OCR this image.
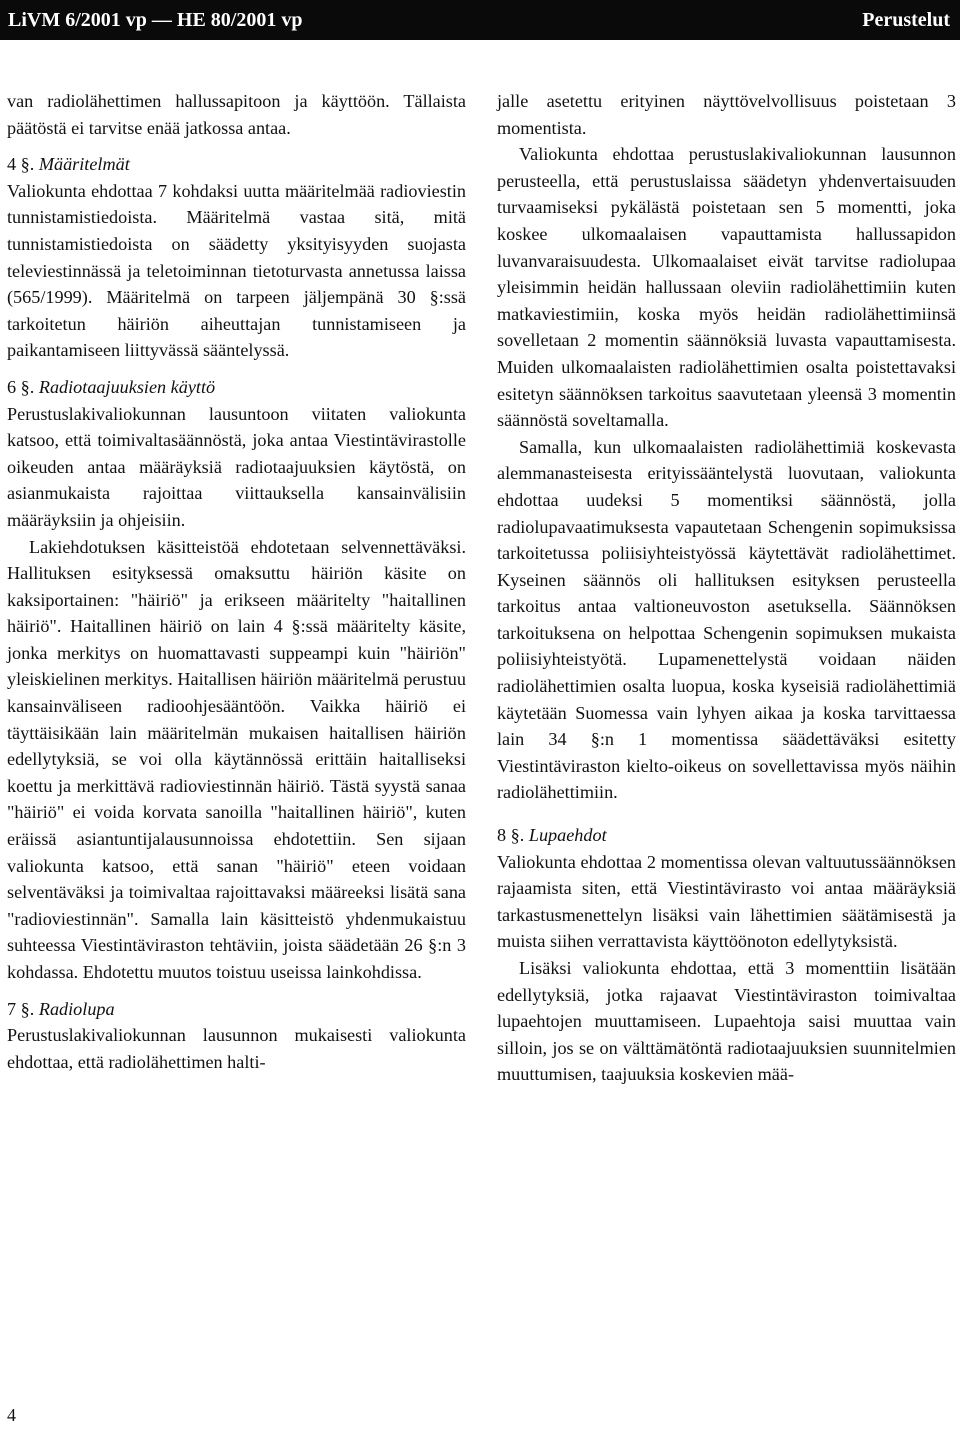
LiVM 6/2001 vp — HE 80/2001 vp	Perustelut

van radiolähettimen hallussapitoon ja käyttöön. Tällaista päätöstä ei tarvitse enää jatkossa antaa.

4 §. Määritelmät

Valiokunta ehdottaa 7 kohdaksi uutta määritelmää radioviestin tunnistamistiedoista. Määritelmä vastaa sitä, mitä tunnistamistiedoista on säädetty yksityisyyden suojasta televiestinnässä ja teletoiminnan tietoturvasta annetussa laissa (565/1999). Määritelmä on tarpeen jäljempänä 30 §:ssä tarkoitetun häiriön aiheuttajan tunnistamiseen ja paikantamiseen liittyvässä sääntelyssä.

6 §. Radiotaajuuksien käyttö

Perustuslakivaliokunnan lausuntoon viitaten valiokunta katsoo, että toimivaltasäännöstä, joka antaa Viestintävirastolle oikeuden antaa määräyksiä radiotaajuuksien käytöstä, on asianmukaista rajoittaa viittauksella kansainvälisiin määräyksiin ja ohjeisiin.

Lakiehdotuksen käsitteistöä ehdotetaan selvennettäväksi. Hallituksen esityksessä omaksuttu häiriön käsite on kaksiportainen: "häiriö" ja erikseen määritelty "haitallinen häiriö". Haitallinen häiriö on lain 4 §:ssä määritelty käsite, jonka merkitys on huomattavasti suppeampi kuin "häiriön" yleiskielinen merkitys. Haitallisen häiriön määritelmä perustuu kansainväliseen radioohjesääntöön. Vaikka häiriö ei täyttäisikään lain määritelmän mukaisen haitallisen häiriön edellytyksiä, se voi olla käytännössä erittäin haitalliseksi koettu ja merkittävä radioviestinnän häiriö. Tästä syystä sanaa "häiriö" ei voida korvata sanoilla "haitallinen häiriö", kuten eräissä asiantuntijalausunnoissa ehdotettiin. Sen sijaan valiokunta katsoo, että sanan "häiriö" eteen voidaan selventäväksi ja toimivaltaa rajoittavaksi määreeksi lisätä sana "radioviestinnän". Samalla lain käsitteistö yhdenmukaistuu suhteessa Viestintäviraston tehtäviin, joista säädetään 26 §:n 3 kohdassa. Ehdotettu muutos toistuu useissa lainkohdissa.

7 §. Radiolupa

Perustuslakivaliokunnan lausunnon mukaisesti valiokunta ehdottaa, että radiolähettimen halti-

jalle asetettu erityinen näyttövelvollisuus poistetaan 3 momentista.

Valiokunta ehdottaa perustuslakivaliokunnan lausunnon perusteella, että perustuslaissa säädetyn yhdenvertaisuuden turvaamiseksi pykälästä poistetaan sen 5 momentti, joka koskee ulkomaalaisen vapauttamista hallussapidon luvanvaraisuudesta. Ulkomaalaiset eivät tarvitse radiolupaa yleisimmin heidän hallussaan oleviin radiolähettimiin kuten matkaviestimiin, koska myös heidän radiolähettimiinsä sovelletaan 2 momentin säännöksiä luvasta vapauttamisesta. Muiden ulkomaalaisten radiolähettimien osalta poistettavaksi esitetyn säännöksen tarkoitus saavutetaan yleensä 3 momentin säännöstä soveltamalla.

Samalla, kun ulkomaalaisten radiolähettimiä koskevasta alemmanasteisesta erityissääntelystä luovutaan, valiokunta ehdottaa uudeksi 5 momentiksi säännöstä, jolla radiolupavaatimuksesta vapautetaan Schengenin sopimuksissa tarkoitetussa poliisiyhteistyössä käytettävät radiolähettimet. Kyseinen säännös oli hallituksen esityksen perusteella tarkoitus antaa valtioneuvoston asetuksella. Säännöksen tarkoituksena on helpottaa Schengenin sopimuksen mukaista poliisiyhteistyötä. Lupamenettelystä voidaan näiden radiolähettimien osalta luopua, koska kyseisiä radiolähettimiä käytetään Suomessa vain lyhyen aikaa ja koska tarvittaessa lain 34 §:n 1 momentissa säädettäväksi esitetty Viestintäviraston kielto-oikeus on sovellettavissa myös näihin radiolähettimiin.

8 §. Lupaehdot

Valiokunta ehdottaa 2 momentissa olevan valtuutussäännöksen rajaamista siten, että Viestintävirasto voi antaa määräyksiä tarkastusmenettelyn lisäksi vain lähettimien säätämisestä ja muista siihen verrattavista käyttöönoton edellytyksistä.

Lisäksi valiokunta ehdottaa, että 3 momenttiin lisätään edellytyksiä, jotka rajaavat Viestintäviraston toimivaltaa lupaehtojen muuttamiseen. Lupaehtoja saisi muuttaa vain silloin, jos se on välttämätöntä radiotaajuuksien suunnitelmien muuttumisen, taajuuksia koskevien mää-

4
